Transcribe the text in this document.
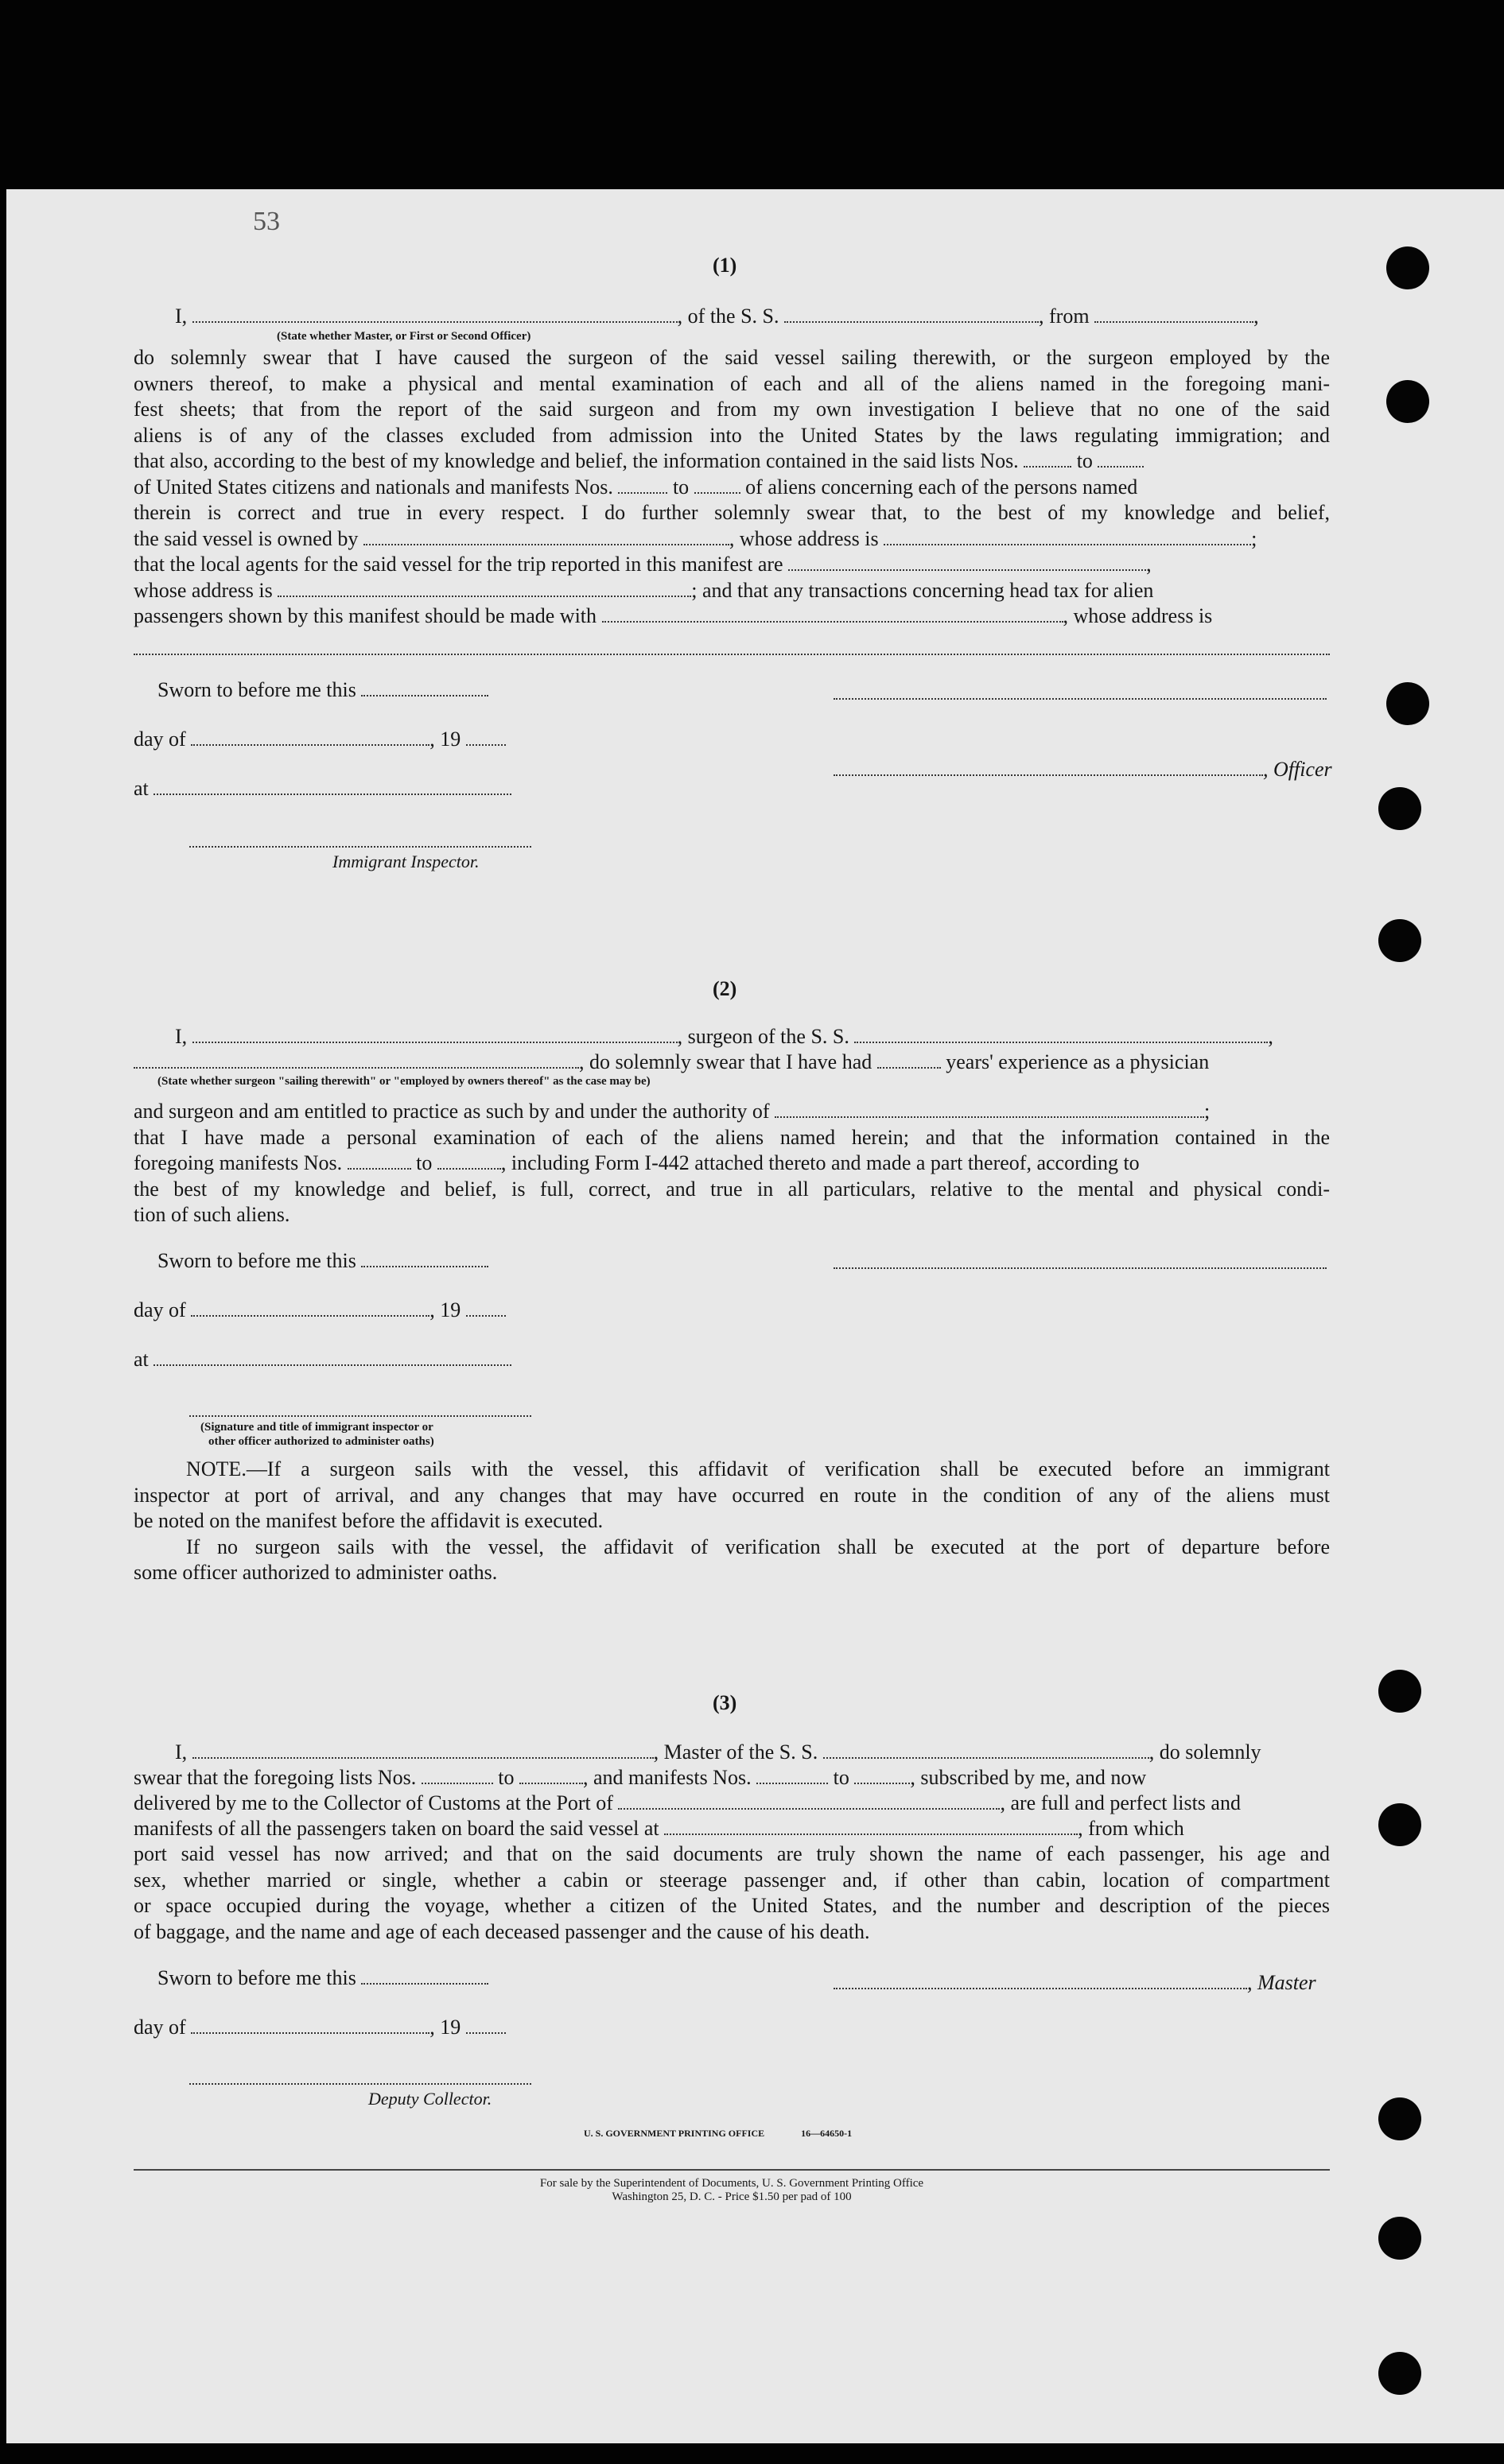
53
(1)
I,	, of the S. S.	, from	,
(State whether Master, or First or Second Officer)
do solemnly swear that I have caused the surgeon of the said vessel sailing therewith, or the surgeon employed by the
owners thereof, to make a physical and mental examination of each and all of the aliens named in the foregoing mani-
fest sheets; that from the report of the said surgeon and from my own investigation I believe that no one of the said
aliens is of any of the classes excluded from admission into the United States by the laws regulating immigration; and
that also, according to the best of my knowledge and belief, the information contained in the said lists Nos.	to
of United States citizens and nationals and manifests Nos.	to	of aliens concerning each of the persons named
therein is correct and true in every respect. I do further solemnly swear that, to the best of my knowledge and belief,
the said vessel is owned by	, whose address is	;
that the local agents for the said vessel for the trip reported in this manifest are	,
whose address is	; and that any transactions concerning head tax for alien
passengers shown by this manifest should be made with	, whose address is
Sworn to before me this
day of	, 19
at
Immigrant Inspector.
, Officer
(2)
I,	, surgeon of the S. S.	,
, do solemnly swear that I have had	years' experience as a physician
(State whether surgeon "sailing therewith" or "employed by owners thereof" as the case may be)
and surgeon and am entitled to practice as such by and under the authority of	;
that I have made a personal examination of each of the aliens named herein; and that the information contained in the
foregoing manifests Nos.	to	, including Form I-442 attached thereto and made a part thereof, according to
the best of my knowledge and belief, is full, correct, and true in all particulars, relative to the mental and physical condi-
tion of such aliens.
Sworn to before me this
day of	, 19
at
(Signature and title of immigrant inspector or
other officer authorized to administer oaths)
NOTE.—If a surgeon sails with the vessel, this affidavit of verification shall be executed before an immigrant
inspector at port of arrival, and any changes that may have occurred en route in the condition of any of the aliens must
be noted on the manifest before the affidavit is executed.
If no surgeon sails with the vessel, the affidavit of verification shall be executed at the port of departure before
some officer authorized to administer oaths.
(3)
I,	, Master of the S. S.	, do solemnly
swear that the foregoing lists Nos.	to	, and manifests Nos.	to	, subscribed by me, and now
delivered by me to the Collector of Customs at the Port of	, are full and perfect lists and
manifests of all the passengers taken on board the said vessel at	, from which
port said vessel has now arrived; and that on the said documents are truly shown the name of each passenger, his age and
sex, whether married or single, whether a cabin or steerage passenger and, if other than cabin, location of compartment
or space occupied during the voyage, whether a citizen of the United States, and the number and description of the pieces
of baggage, and the name and age of each deceased passenger and the cause of his death.
Sworn to before me this	, Master
day of	, 19
Deputy Collector.
U. S. GOVERNMENT PRINTING OFFICE	16—64650-1
For sale by the Superintendent of Documents, U. S. Government Printing Office
Washington 25, D. C. - Price $1.50 per pad of 100
